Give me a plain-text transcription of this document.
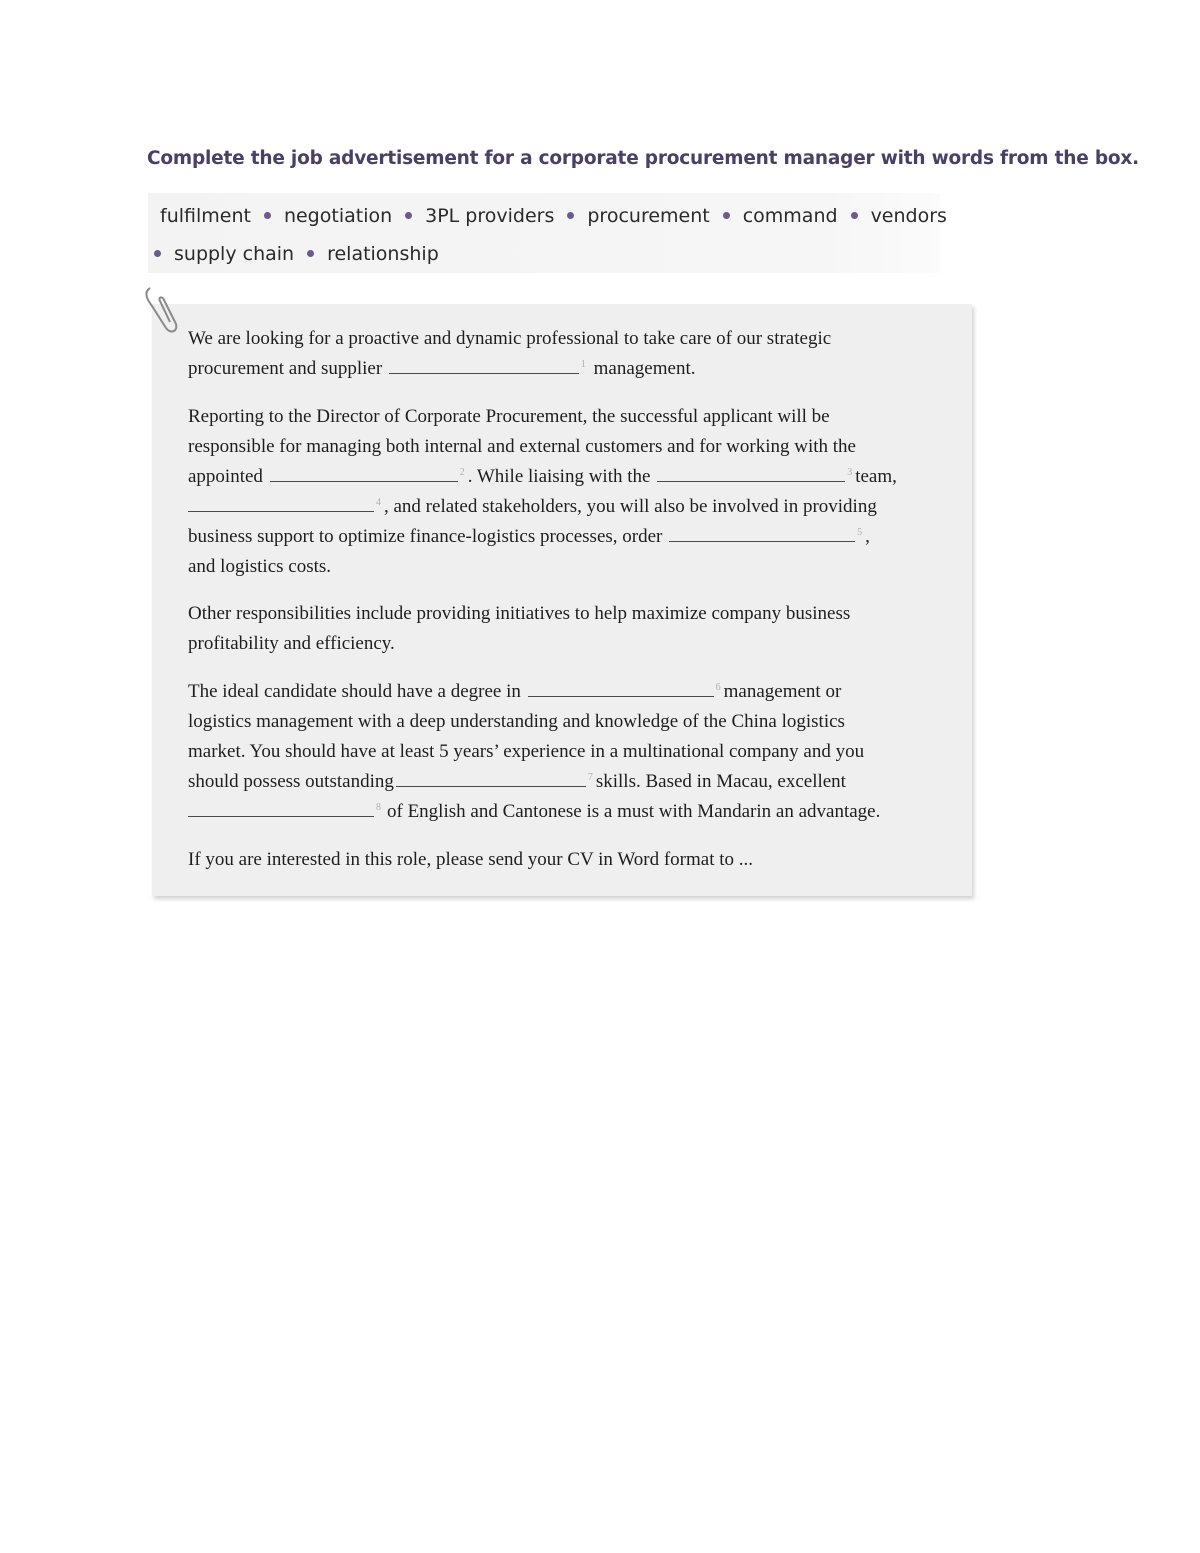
Complete the job advertisement for a corporate procurement manager with words from the box.
fulfilment negotiation 3PL providers procurement command vendors
supply chain relationship
We are looking for a proactive and dynamic professional to take care of our strategic
procurement and supplier	$^1$ management.
Reporting to the Director of Corporate Procurement, the successful applicant will be
responsible for managing both internal and external customers and for working with the
appointed	$^2$ . While liaising with the	$^3$ team,
$^4$ , and related stakeholders, you will also be involved in providing
business support to optimize finance-logistics processes, order	$^5$ ,
and logistics costs.
Other responsibilities include providing initiatives to help maximize company business
profitability and efficiency.
The ideal candidate should have a degree in	$^6$ management or
logistics management with a deep understanding and knowledge of the China logistics
market. You should have at least 5 years’ experience in a multinational company and you
should possess outstanding	$^7$ skills. Based in Macau, excellent
$^8$ of English and Cantonese is a must with Mandarin an advantage.
If you are interested in this role, please send your CV in Word format to ...
